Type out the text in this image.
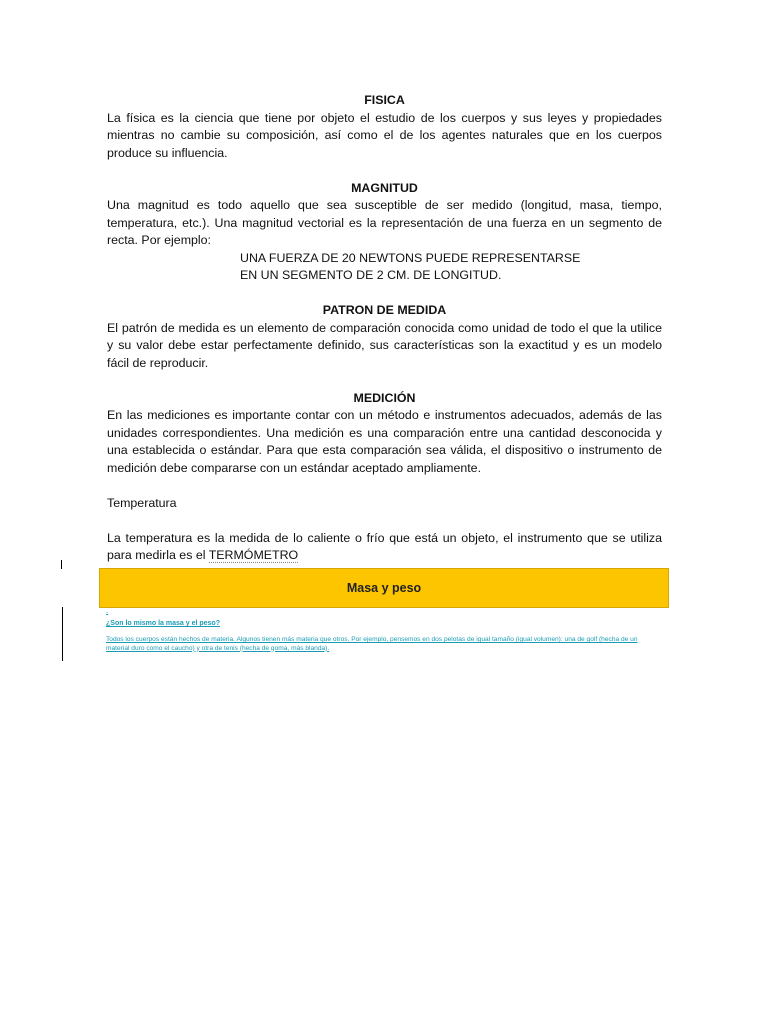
FISICA

La física es la ciencia que tiene por objeto el estudio de los cuerpos y sus leyes y propiedades mientras no cambie su composición, así como el de los agentes naturales que en los cuerpos produce su influencia.

MAGNITUD

Una magnitud es todo aquello que sea susceptible de ser medido (longitud, masa, tiempo, temperatura, etc.). Una magnitud vectorial es la representación de una fuerza en un segmento de recta. Por ejemplo:

UNA FUERZA DE 20 NEWTONS PUEDE REPRESENTARSE

EN UN SEGMENTO DE 2 CM. DE LONGITUD.

PATRON DE MEDIDA

El patrón de medida es un elemento de comparación conocida como unidad de todo el que la utilice y su valor debe estar perfectamente definido, sus características son la exactitud y es un modelo fácil de reproducir.

MEDICIÓN

En las mediciones es importante contar con un método e instrumentos adecuados, además de las unidades correspondientes. Una medición es una comparación entre una cantidad desconocida y una establecida o estándar. Para que esta comparación sea válida, el dispositivo o instrumento de medición debe compararse con un estándar aceptado ampliamente.

Temperatura

La temperatura es la medida de lo caliente o frío que está un objeto, el instrumento que se utiliza para medirla es el TERMÓMETRO

Masa y peso
.
¿Son lo mismo la masa y el peso?
Todos los cuerpos están hechos de materia. Algunos tienen más materia que otros. Por ejemplo, pensemos en dos pelotas de igual tamaño (igual volumen): una de golf (hecha de un material duro como el caucho) y otra de tenis (hecha de goma, más blanda).
